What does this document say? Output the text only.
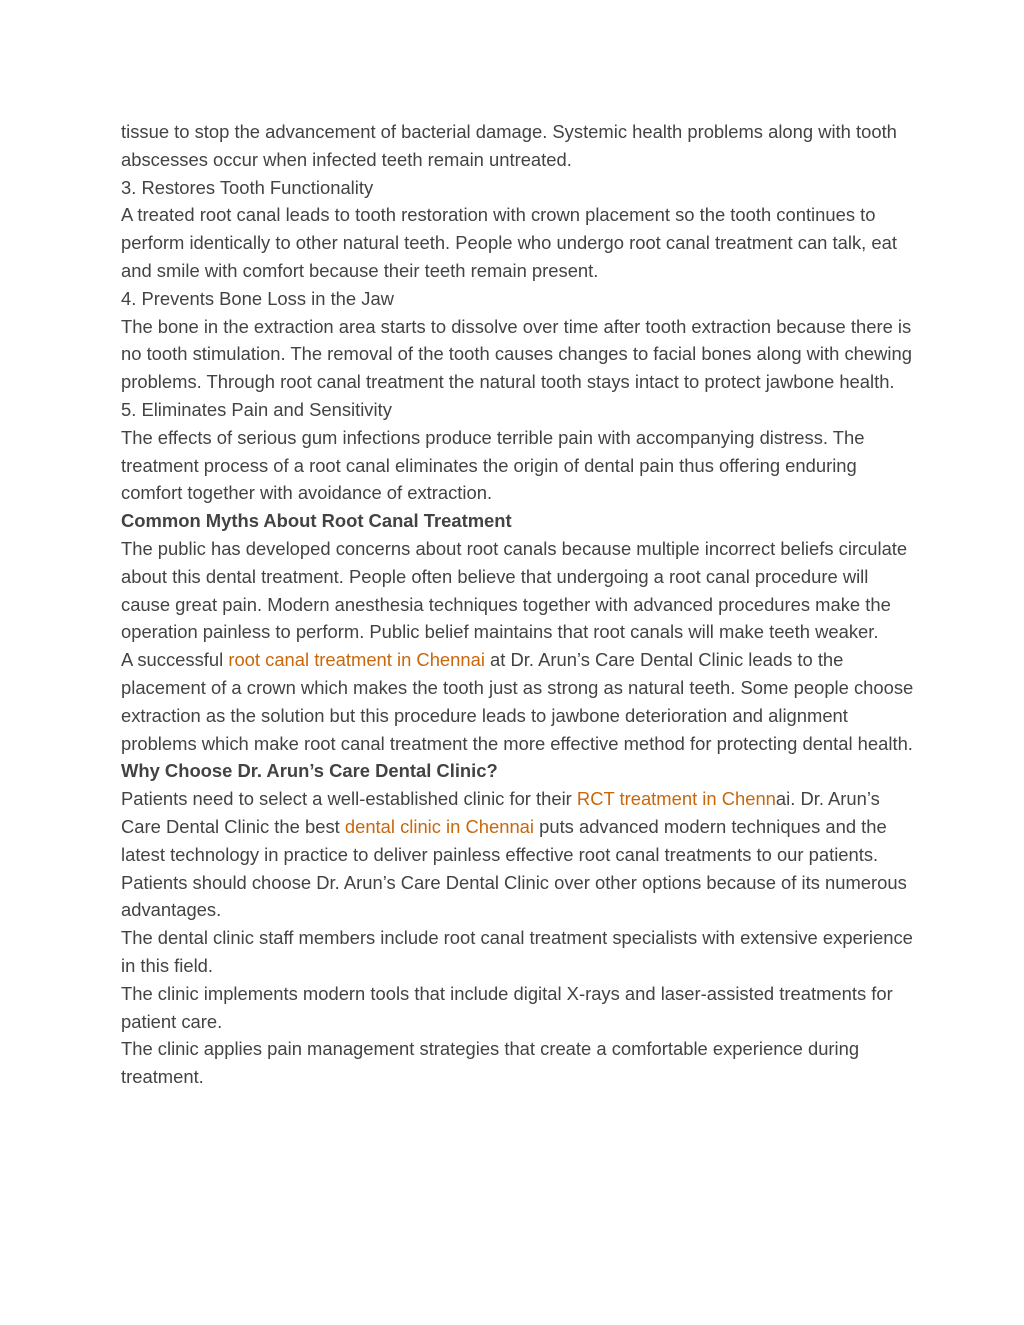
tissue to stop the advancement of bacterial damage. Systemic health problems along with tooth abscesses occur when infected teeth remain untreated.

3. Restores Tooth Functionality

A treated root canal leads to tooth restoration with crown placement so the tooth continues to perform identically to other natural teeth. People who undergo root canal treatment can talk, eat and smile with comfort because their teeth remain present.

4. Prevents Bone Loss in the Jaw

The bone in the extraction area starts to dissolve over time after tooth extraction because there is no tooth stimulation. The removal of the tooth causes changes to facial bones along with chewing problems. Through root canal treatment the natural tooth stays intact to protect jawbone health.

5. Eliminates Pain and Sensitivity

The effects of serious gum infections produce terrible pain with accompanying distress. The treatment process of a root canal eliminates the origin of dental pain thus offering enduring comfort together with avoidance of extraction.

Common Myths About Root Canal Treatment

The public has developed concerns about root canals because multiple incorrect beliefs circulate about this dental treatment. People often believe that undergoing a root canal procedure will cause great pain. Modern anesthesia techniques together with advanced procedures make the operation painless to perform. Public belief maintains that root canals will make teeth weaker.

A successful root canal treatment in Chennai at Dr. Arun’s Care Dental Clinic leads to the placement of a crown which makes the tooth just as strong as natural teeth. Some people choose extraction as the solution but this procedure leads to jawbone deterioration and alignment problems which make root canal treatment the more effective method for protecting dental health.

Why Choose Dr. Arun’s Care Dental Clinic?

Patients need to select a well-established clinic for their RCT treatment in Chennai. Dr. Arun’s Care Dental Clinic the best dental clinic in Chennai puts advanced modern techniques and the latest technology in practice to deliver painless effective root canal treatments to our patients.

Patients should choose Dr. Arun’s Care Dental Clinic over other options because of its numerous advantages.

The dental clinic staff members include root canal treatment specialists with extensive experience in this field.

The clinic implements modern tools that include digital X-rays and laser-assisted treatments for patient care.

The clinic applies pain management strategies that create a comfortable experience during treatment.
